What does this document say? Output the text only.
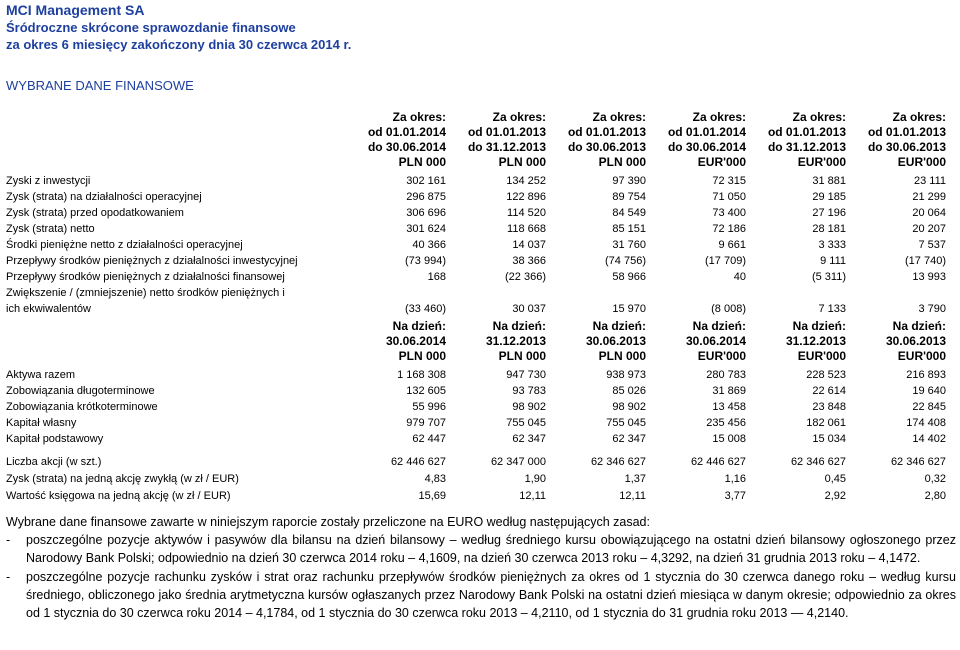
MCI Management SA
Śródroczne skrócone sprawozdanie finansowe
za okres 6 miesięcy zakończony dnia 30 czerwca 2014 r.
WYBRANE DANE FINANSOWE
	Za okres:	Za okres:	Za okres:	Za okres:	Za okres:	Za okres:
	od 01.01.2014	od 01.01.2013	od 01.01.2013	od 01.01.2014	od 01.01.2013	od 01.01.2013
	do 30.06.2014	do 31.12.2013	do 30.06.2013	do 30.06.2014	do 31.12.2013	do 30.06.2013
	PLN 000	PLN 000	PLN 000	EUR'000	EUR'000	EUR'000

Zyski z inwestycji	302 161	134 252	97 390	72 315	31 881	23 111
Zysk (strata) na działalności operacyjnej	296 875	122 896	89 754	71 050	29 185	21 299
Zysk (strata) przed opodatkowaniem	306 696	114 520	84 549	73 400	27 196	20 064
Zysk (strata) netto	301 624	118 668	85 151	72 186	28 181	20 207
Środki pieniężne netto z działalności operacyjnej	40 366	14 037	31 760	9 661	3 333	7 537
Przepływy środków pieniężnych z działalności inwestycyjnej	(73 994)	38 366	(74 756)	(17 709)	9 111	(17 740)
Przepływy środków pieniężnych z działalności finansowej	168	(22 366)	58 966	40	(5 311)	13 993
Zwiększenie / (zmniejszenie) netto środków pieniężnych i						
ich ekwiwalentów	(33 460)	30 037	15 970	(8 008)	7 133	3 790
	Na dzień:	Na dzień:	Na dzień:	Na dzień:	Na dzień:	Na dzień:
	30.06.2014	31.12.2013	30.06.2013	30.06.2014	31.12.2013	30.06.2013
	PLN 000	PLN 000	PLN 000	EUR'000	EUR'000	EUR'000

Aktywa razem	1 168 308	947 730	938 973	280 783	228 523	216 893
Zobowiązania długoterminowe	132 605	93 783	85 026	31 869	22 614	19 640
Zobowiązania krótkoterminowe	55 996	98 902	98 902	13 458	23 848	22 845
Kapitał własny	979 707	755 045	755 045	235 456	182 061	174 408
Kapitał podstawowy	62 447	62 347	62 347	15 008	15 034	14 402
Liczba akcji (w szt.)	62 446 627	62 347 000	62 346 627	62 446 627	62 346 627	62 346 627
Zysk (strata) na jedną akcję zwykłą (w zł / EUR)	4,83	1,90	1,37	1,16	0,45	0,32
Wartość księgowa na jedną akcję (w zł / EUR)	15,69	12,11	12,11	3,77	2,92	2,80

Wybrane dane finansowe zawarte w niniejszym raporcie zostały przeliczone na EURO według następujących zasad:

-	poszczególne pozycje aktywów i pasywów dla bilansu na dzień bilansowy – według średniego kursu obowiązującego na ostatni dzień bilansowy ogłoszonego przez Narodowy Bank Polski; odpowiednio na dzień 30 czerwca 2014 roku – 4,1609, na dzień 30 czerwca 2013 roku – 4,3292, na dzień 31 grudnia 2013 roku – 4,1472.
-	poszczególne pozycje rachunku zysków i strat oraz rachunku przepływów środków pieniężnych za okres od 1 stycznia do 30 czerwca danego roku – według kursu średniego, obliczonego jako średnia arytmetyczna kursów ogłaszanych przez Narodowy Bank Polski na ostatni dzień miesiąca w danym okresie; odpowiednio za okres od 1 stycznia do 30 czerwca roku 2014 – 4,1784, od 1 stycznia do 30 czerwca roku 2013 – 4,2110, od 1 stycznia do 31 grudnia roku 2013 — 4,2140.
